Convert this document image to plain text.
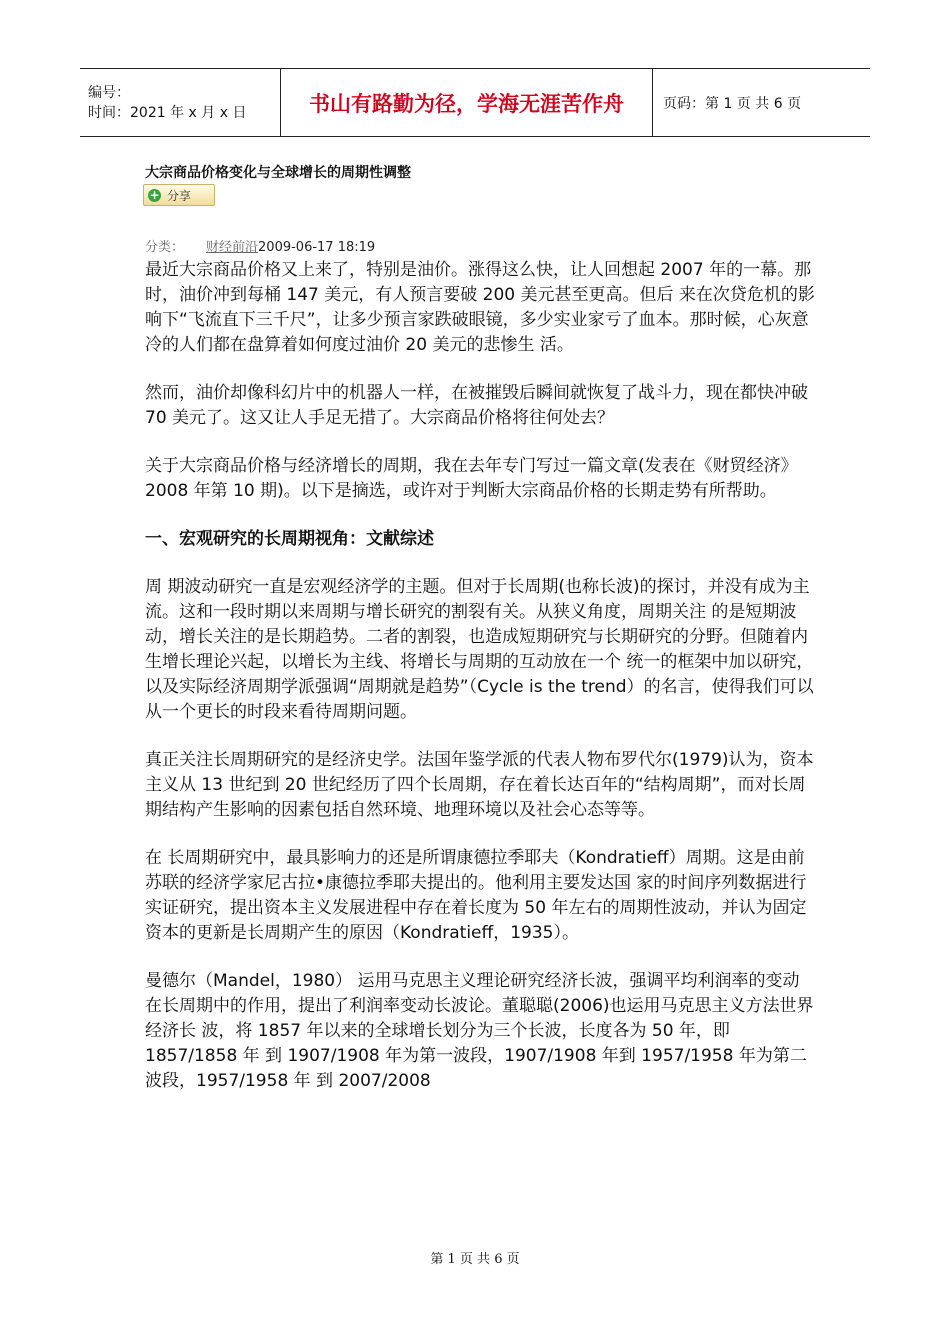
编号：
时间：2021 年 x 月 x 日	书山有路勤为径，学海无涯苦作舟	页码：第 1 页 共 6 页
大宗商品价格变化与全球增长的周期性调整
+ 分享
分类： 财经前沿2009-06-17 18:19

最近大宗商品价格又上来了，特别是油价。涨得这么快，让人回想起 2007 年的一幕。那时，油价冲到每桶 147 美元，有人预言要破 200 美元甚至更高。但后 来在次贷危机的影响下“飞流直下三千尺”，让多少预言家跌破眼镜，多少实业家亏了血本。那时候，心灰意冷的人们都在盘算着如何度过油价 20 美元的悲惨生 活。

然而，油价却像科幻片中的机器人一样，在被摧毁后瞬间就恢复了战斗力，现在都快冲破 70 美元了。这又让人手足无措了。大宗商品价格将往何处去？

关于大宗商品价格与经济增长的周期，我在去年专门写过一篇文章(发表在《财贸经济》2008 年第 10 期)。以下是摘选，或许对于判断大宗商品价格的长期走势有所帮助。

一、宏观研究的长周期视角：文献综述

周 期波动研究一直是宏观经济学的主题。但对于长周期(也称长波)的探讨，并没有成为主流。这和一段时期以来周期与增长研究的割裂有关。从狭义角度，周期关注 的是短期波动，增长关注的是长期趋势。二者的割裂，也造成短期研究与长期研究的分野。但随着内生增长理论兴起，以增长为主线、将增长与周期的互动放在一个 统一的框架中加以研究，以及实际经济周期学派强调“周期就是趋势”（Cycle is the trend）的名言，使得我们可以从一个更长的时段来看待周期问题。

真正关注长周期研究的是经济史学。法国年鉴学派的代表人物布罗代尔(1979)认为，资本主义从 13 世纪到 20 世纪经历了四个长周期，存在着长达百年的“结构周期”，而对长周期结构产生影响的因素包括自然环境、地理环境以及社会心态等等。

在 长周期研究中，最具影响力的还是所谓康德拉季耶夫（Kondratieff）周期。这是由前苏联的经济学家尼古拉•康德拉季耶夫提出的。他利用主要发达国 家的时间序列数据进行实证研究，提出资本主义发展进程中存在着长度为 50 年左右的周期性波动，并认为固定资本的更新是长周期产生的原因（Kondratieff，1935）。

曼德尔（Mandel，1980） 运用马克思主义理论研究经济长波，强调平均利润率的变动在长周期中的作用，提出了利润率变动长波论。董聪聪(2006)也运用马克思主义方法世界经济长 波，将 1857 年以来的全球增长划分为三个长波，长度各为 50 年，即 1857/1858 年 到 1907/1908 年为第一波段，1907/1908 年到 1957/1958 年为第二波段，1957/1958 年 到 2007/2008

第 1 页 共 6 页
